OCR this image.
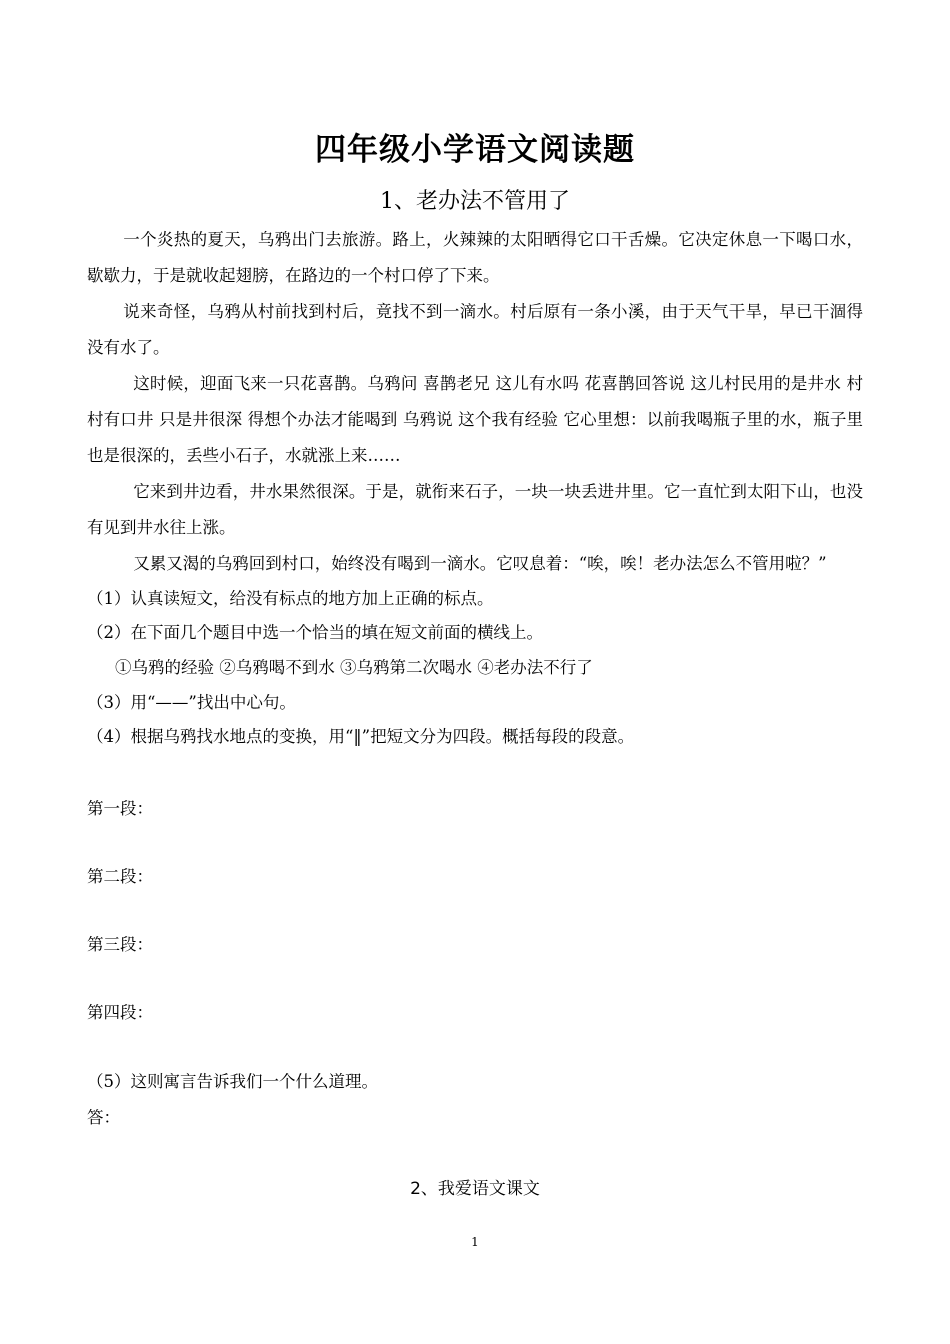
四年级小学语文阅读题
1、老办法不管用了

一个炎热的夏天，乌鸦出门去旅游。路上，火辣辣的太阳晒得它口干舌燥。它决定休息一下喝口水，歇歇力，于是就收起翅膀，在路边的一个村口停了下来。

说来奇怪，乌鸦从村前找到村后，竟找不到一滴水。村后原有一条小溪，由于天气干旱，早已干涸得没有水了。

这时候，迎面飞来一只花喜鹊。乌鸦问 喜鹊老兄 这儿有水吗 花喜鹊回答说 这儿村民用的是井水 村村有口井 只是井很深 得想个办法才能喝到 乌鸦说 这个我有经验 它心里想：以前我喝瓶子里的水，瓶子里也是很深的，丢些小石子，水就涨上来……

它来到井边看，井水果然很深。于是，就衔来石子，一块一块丢进井里。它一直忙到太阳下山，也没有见到井水往上涨。

又累又渴的乌鸦回到村口，始终没有喝到一滴水。它叹息着：“唉，唉！老办法怎么不管用啦？”

（1）认真读短文，给没有标点的地方加上正确的标点。

（2）在下面几个题目中选一个恰当的填在短文前面的横线上。

①乌鸦的经验 ②乌鸦喝不到水 ③乌鸦第二次喝水 ④老办法不行了

（3）用“——”找出中心句。

（4）根据乌鸦找水地点的变换，用“‖”把短文分为四段。概括每段的段意。

第一段：
第二段：
第三段：
第四段：
（5）这则寓言告诉我们一个什么道理。
答：
2、我爱语文课文
1
